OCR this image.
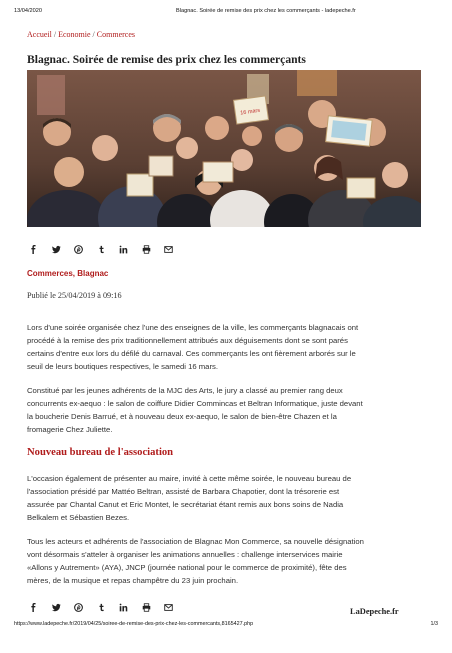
13/04/2020	Blagnac. Soirée de remise des prix chez les commerçants - ladepeche.fr
Accueil / Economie / Commerces
Blagnac. Soirée de remise des prix chez les commerçants
16 mars
Commerces, Blagnac
Publié le 25/04/2019 à 09:16
Lors d'une soirée organisée chez l'une des enseignes de la ville, les commerçants blagnacais ont
procédé à la remise des prix traditionnellement attribués aux déguisements dont se sont parés
certains d'entre eux lors du défilé du carnaval. Ces commerçants les ont fièrement arborés sur le
seuil de leurs boutiques respectives, le samedi 16 mars.
Constitué par les jeunes adhérents de la MJC des Arts, le jury a classé au premier rang deux
concurrents ex-aequo : le salon de coiffure Didier Commincas et Beltran Informatique, juste devant
la boucherie Denis Barrué, et à nouveau deux ex-aequo, le salon de bien-être Chazen et la
fromagerie Chez Juliette.
Nouveau bureau de l'association
L'occasion également de présenter au maire, invité à cette même soirée, le nouveau bureau de
l'association présidé par Mattéo Beltran, assisté de Barbara Chapotier, dont la trésorerie est
assurée par Chantal Canut et Eric Montet, le secrétariat étant remis aux bons soins de Nadia
Belkalem et Sébastien Bezes.
Tous les acteurs et adhérents de l'association de Blagnac Mon Commerce, sa nouvelle désignation
vont désormais s'atteler à organiser les animations annuelles : challenge interservices mairie
«Allons y Autrement» (AYA), JNCP (journée national pour le commerce de proximité), fête des
mères, de la musique et repas champêtre du 23 juin prochain.
LaDepeche.fr
https://www.ladepeche.fr/2019/04/25/soiree-de-remise-des-prix-chez-les-commercants,8165427.php	1/3
